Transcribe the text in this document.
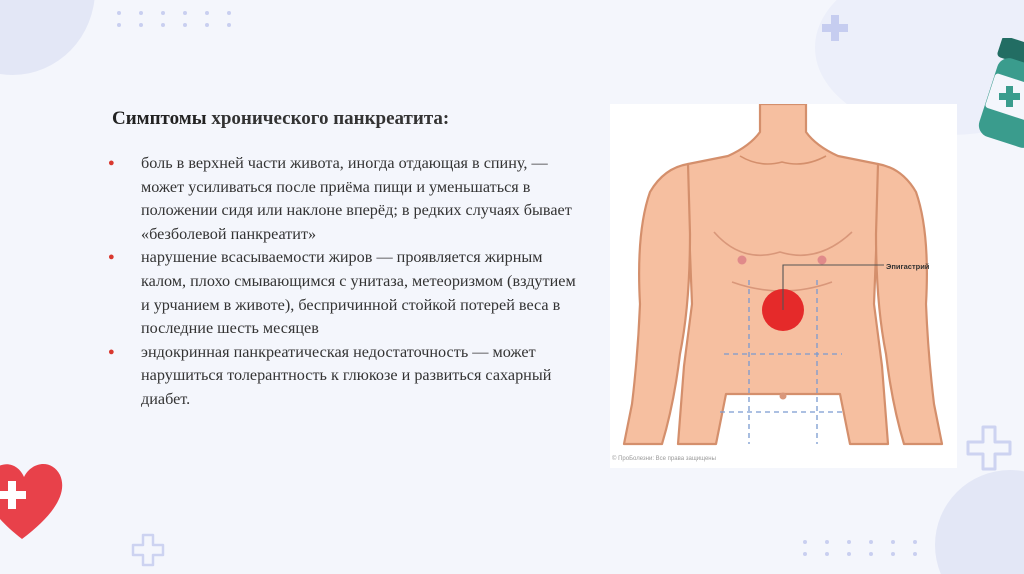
Симптомы хронического панкреатита:
● боль в верхней части живота, иногда отдающая в спину, — может усиливаться после приёма пищи и уменьшаться в положении сидя или наклоне вперёд; в редких случаях бывает «безболевой панкреатит»
● нарушение всасываемости жиров — проявляется жирным калом, плохо смывающимся с унитаза, метеоризмом (вздутием и урчанием в животе), беспричинной стойкой потерей веса в последние шесть месяцев
● эндокринная панкреатическая недостаточность — может нарушиться толерантность к глюкозе и развиться сахарный диабет.
Эпигастрий
© ПроБолезни: Все права защищены
